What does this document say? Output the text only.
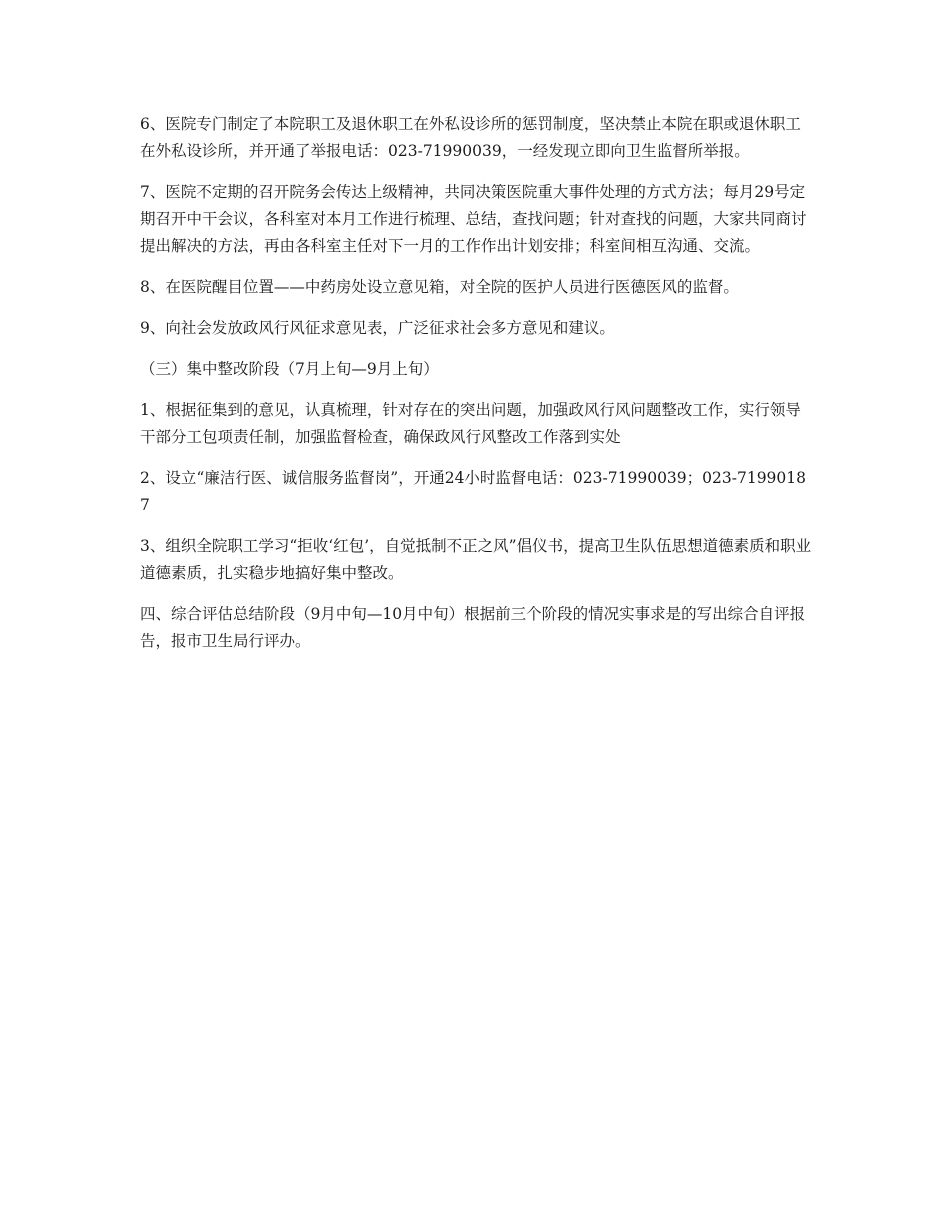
6、医院专门制定了本院职工及退休职工在外私设诊所的惩罚制度，坚决禁止本院在职或退休职工在外私设诊所，并开通了举报电话：023-71990039，一经发现立即向卫生监督所举报。

7、医院不定期的召开院务会传达上级精神，共同决策医院重大事件处理的方式方法；每月29号定期召开中干会议，各科室对本月工作进行梳理、总结，查找问题；针对查找的问题，大家共同商讨提出解决的方法，再由各科室主任对下一月的工作作出计划安排；科室间相互沟通、交流。

8、在医院醒目位置——中药房处设立意见箱，对全院的医护人员进行医德医风的监督。

9、向社会发放政风行风征求意见表，广泛征求社会多方意见和建议。

（三）集中整改阶段（7月上旬—9月上旬）

1、根据征集到的意见，认真梳理，针对存在的突出问题，加强政风行风问题整改工作，实行领导干部分工包项责任制，加强监督检查，确保政风行风整改工作落到实处

2、设立“廉洁行医、诚信服务监督岗”，开通24小时监督电话：023-71990039；023-71990187

3、组织全院职工学习“拒收‘红包’，自觉抵制不正之风”倡仪书，提高卫生队伍思想道德素质和职业道德素质，扎实稳步地搞好集中整改。

四、综合评估总结阶段（9月中旬—10月中旬）根据前三个阶段的情况实事求是的写出综合自评报告，报市卫生局行评办。
